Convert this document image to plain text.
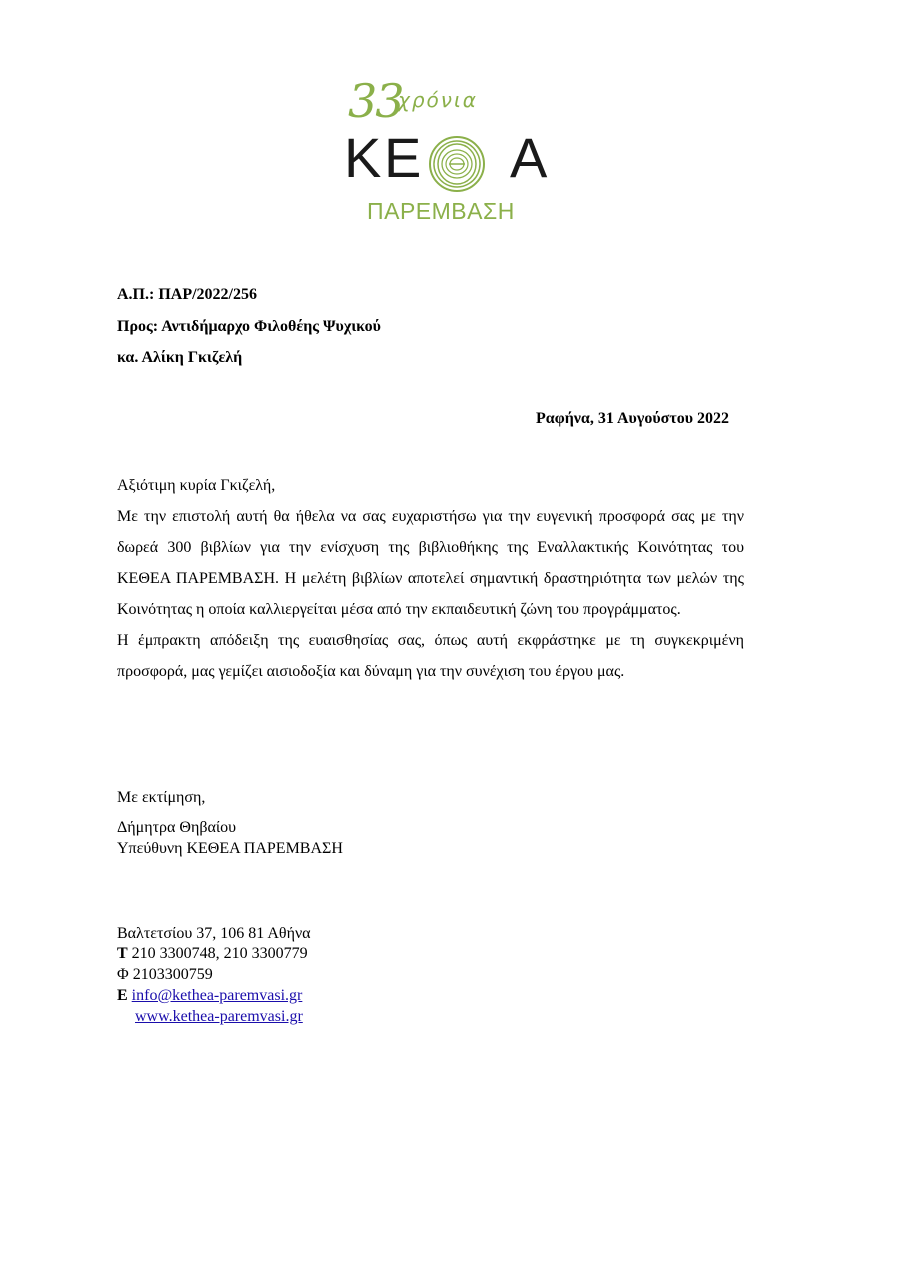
33
χρόνια
Κ Ε Α
ΠΑΡΕΜΒΑΣΗ
Α.Π.: ΠΑΡ/2022/256
Προς: Αντιδήμαρχο Φιλοθέης Ψυχικού
κα. Αλίκη Γκιζελή
Ραφήνα, 31 Αυγούστου 2022

Αξιότιμη κυρία Γκιζελή,

Με την επιστολή αυτή θα ήθελα να σας ευχαριστήσω για την ευγενική προσφορά σας με την δωρεά 300 βιβλίων για την ενίσχυση της βιβλιοθήκης της Εναλλακτικής Κοινότητας του ΚΕΘΕΑ ΠΑΡΕΜΒΑΣΗ. Η μελέτη βιβλίων αποτελεί σημαντική δραστηριότητα των μελών της Κοινότητας η οποία καλλιεργείται μέσα από την εκπαιδευτική ζώνη του προγράμματος.

Η έμπρακτη απόδειξη της ευαισθησίας σας, όπως αυτή εκφράστηκε με τη συγκεκριμένη προσφορά, μας γεμίζει αισιοδοξία και δύναμη για την συνέχιση του έργου μας.

Με εκτίμηση,
Δήμητρα Θηβαίου
Υπεύθυνη ΚΕΘΕΑ ΠΑΡΕΜΒΑΣΗ
Βαλτετσίου 37, 106 81 Αθήνα
Τ 210 3300748, 210 3300779
Φ 2103300759
Ε info@kethea-paremvasi.gr
www.kethea-paremvasi.gr
